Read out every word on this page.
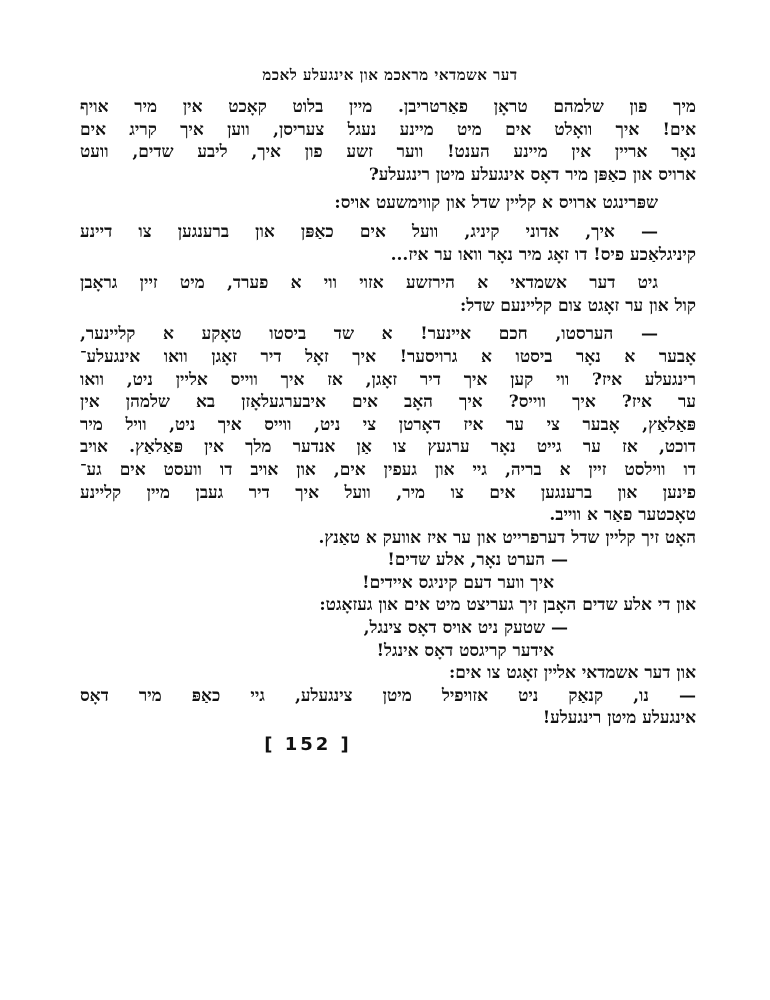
דער אשמדאי מראכמ און אינגעלע לאכמ
מיך פון שלמהם טראָן פאַרטריבן. מיין בלוט קאָכט אין מיר אויף
אים! איך וואָלט אים מיט מיינע נעגל צעריסן, ווען איך קריג אים
נאָר אריין אין מיינע הענט! ווער זשע פון איך, ליבע שדים, וועט
ארויס און כאַפּן מיר דאָס אינגעלע מיטן רינגעלע?
שפּרינגט ארויס א קליין שדל און קווימשעט אויס:
— איך, אדוני קיניג, וועל אים כאַפּן און ברענגען צו דיינע
קיניגלאַכע פיס! דו זאָג מיר נאָר וואו ער איז...
גיט דער אשמדאי א הירזשע אזוי ווי א פערד, מיט זיין גראָבן
קול און ער זאָגט צום קליינעם שדל:
— הערסטו, חכם איינער! א שד ביסטו טאָקע א קליינער,
אָבער א נאָר ביסטו א גרויסער! איך זאָל דיר זאָגן וואו אינגעלע־
רינגעלע איז? ווי קען איך דיר זאָגן, אז איך ווייס אליין ניט, וואו
ער איז? איך ווייס? איך האָב אים איבערגעלאָזן בא שלמהן אין
פּאַלאַץ, אָבער צי ער איז דאָרטן צי ניט, ווייס איך ניט, וויל מיר
דוכט, אז ער גייט נאָר ערגעץ צו אַן אנדער מלך אין פּאַלאַץ. אויב
דו ווילסט זיין א בריה, גיי און געפין אים, און אויב דו וועסט אים גע־
פינען און ברענגען אים צו מיר, וועל איך דיר געבן מיין קליינע
טאָכטער פאַר א ווייב.
האָט זיך קליין שדל דערפרייט און ער איז אוועק א טאַנץ.
— הערט נאָר, אלע שדים!
איך ווער דעם קיניגס איידים!
און די אלע שדים האָבן זיך געריצט מיט אים און געזאָגט:
— שטעק ניט אויס דאָס צינגל,
אידער קריגסט דאָס אינגל!
און דער אשמדאי אליין זאָגט צו אים:
— נו, קנאַק ניט אזויפיל מיטן צינגעלע, גיי כאַפּ מיר דאָס
אינגעלע מיטן רינגעלע!
[ 152 ]
